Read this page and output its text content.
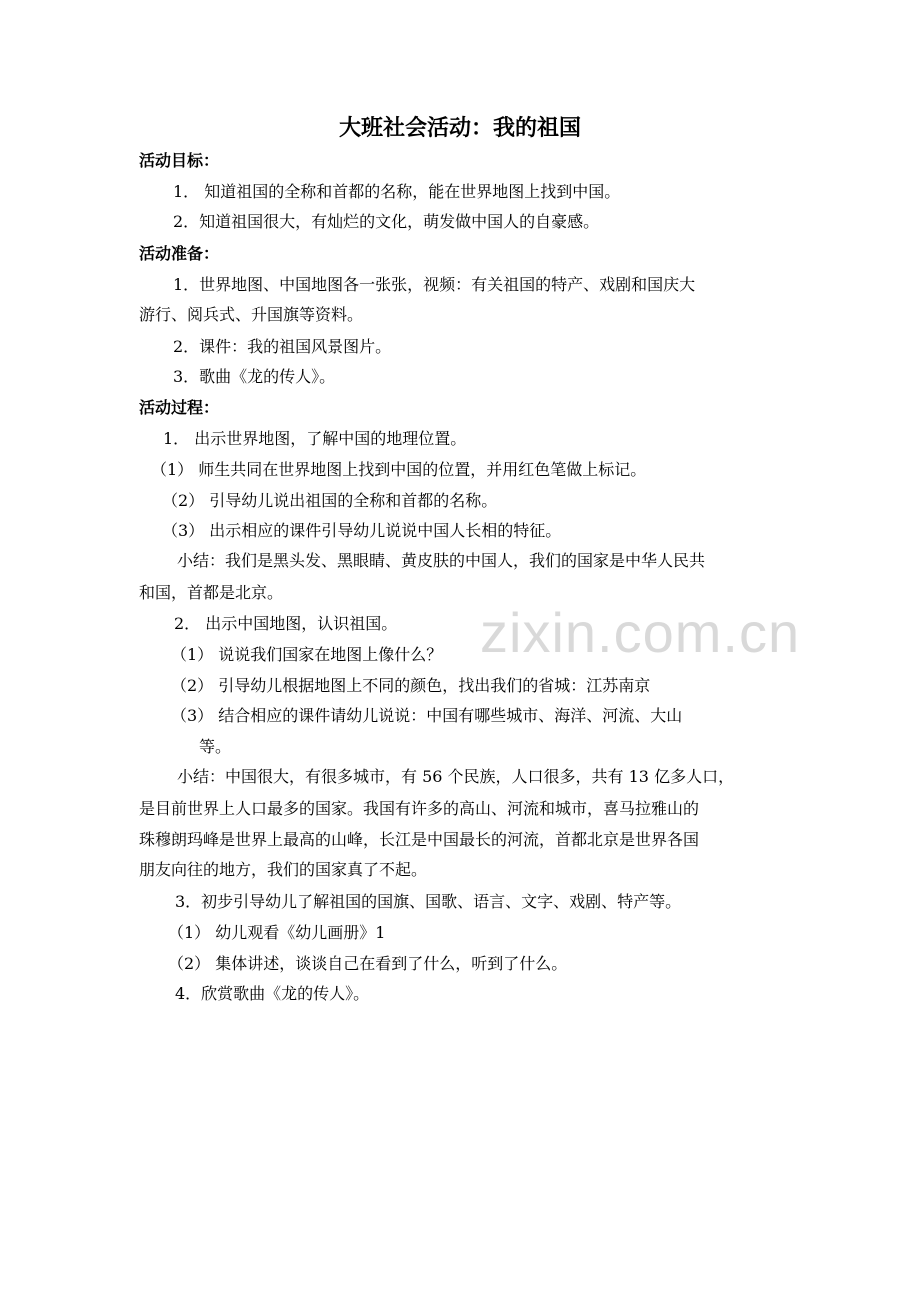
大班社会活动：我的祖国
活动目标：
1． 知道祖国的全称和首都的名称，能在世界地图上找到中国。
2．知道祖国很大，有灿烂的文化，萌发做中国人的自豪感。
活动准备：
1．世界地图、中国地图各一张张，视频：有关祖国的特产、戏剧和国庆大
游行、阅兵式、升国旗等资料。
2．课件：我的祖国风景图片。
3．歌曲《龙的传人》。
活动过程：
1． 出示世界地图，了解中国的地理位置。
（1） 师生共同在世界地图上找到中国的位置，并用红色笔做上标记。
（2） 引导幼儿说出祖国的全称和首都的名称。
（3） 出示相应的课件引导幼儿说说中国人长相的特征。
小结：我们是黑头发、黑眼睛、黄皮肤的中国人，我们的国家是中华人民共
和国，首都是北京。
2． 出示中国地图，认识祖国。
（1） 说说我们国家在地图上像什么？
（2） 引导幼儿根据地图上不同的颜色，找出我们的省城：江苏南京
（3） 结合相应的课件请幼儿说说：中国有哪些城市、海洋、河流、大山
等。
小结：中国很大，有很多城市，有 56 个民族，人口很多，共有 13 亿多人口，
是目前世界上人口最多的国家。我国有许多的高山、河流和城市，喜马拉雅山的
珠穆朗玛峰是世界上最高的山峰，长江是中国最长的河流，首都北京是世界各国
朋友向往的地方，我们的国家真了不起。
3．初步引导幼儿了解祖国的国旗、国歌、语言、文字、戏剧、特产等。
（1） 幼儿观看《幼儿画册》1
（2） 集体讲述，谈谈自己在看到了什么，听到了什么。
4．欣赏歌曲《龙的传人》。
zixin.com.cn
